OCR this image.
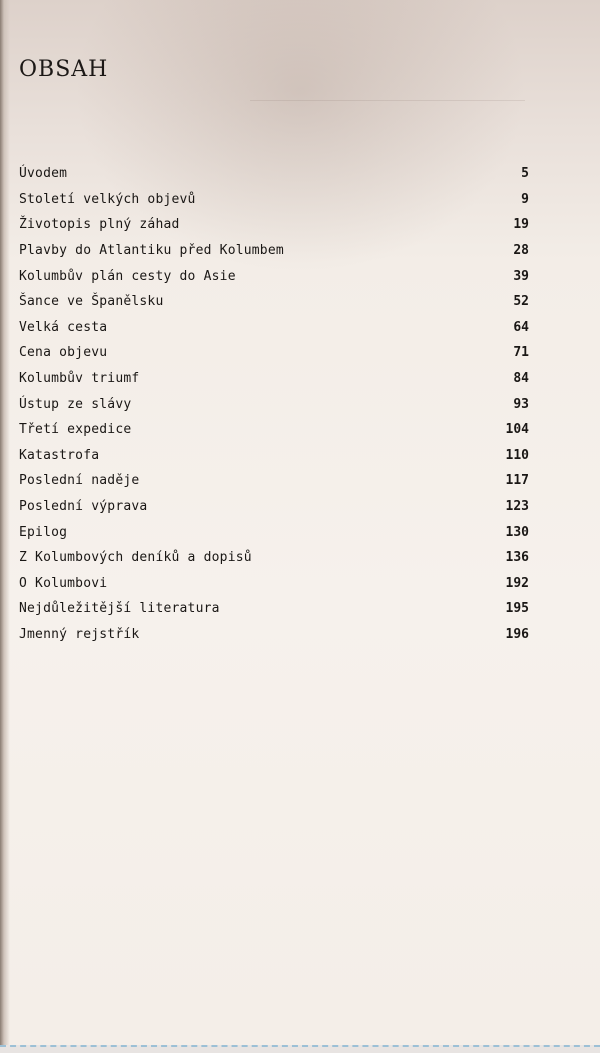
OBSAH
Úvodem	5
Století velkých objevů	9
Životopis plný záhad	19
Plavby do Atlantiku před Kolumbem	28
Kolumbův plán cesty do Asie	39
Šance ve Španělsku	52
Velká cesta	64
Cena objevu	71
Kolumbův triumf	84
Ústup ze slávy	93
Třetí expedice	104
Katastrofa	110
Poslední naděje	117
Poslední výprava	123
Epilog	130
Z Kolumbových deníků a dopisů	136
O Kolumbovi	192
Nejdůležitější literatura	195
Jmenný rejstřík	196
